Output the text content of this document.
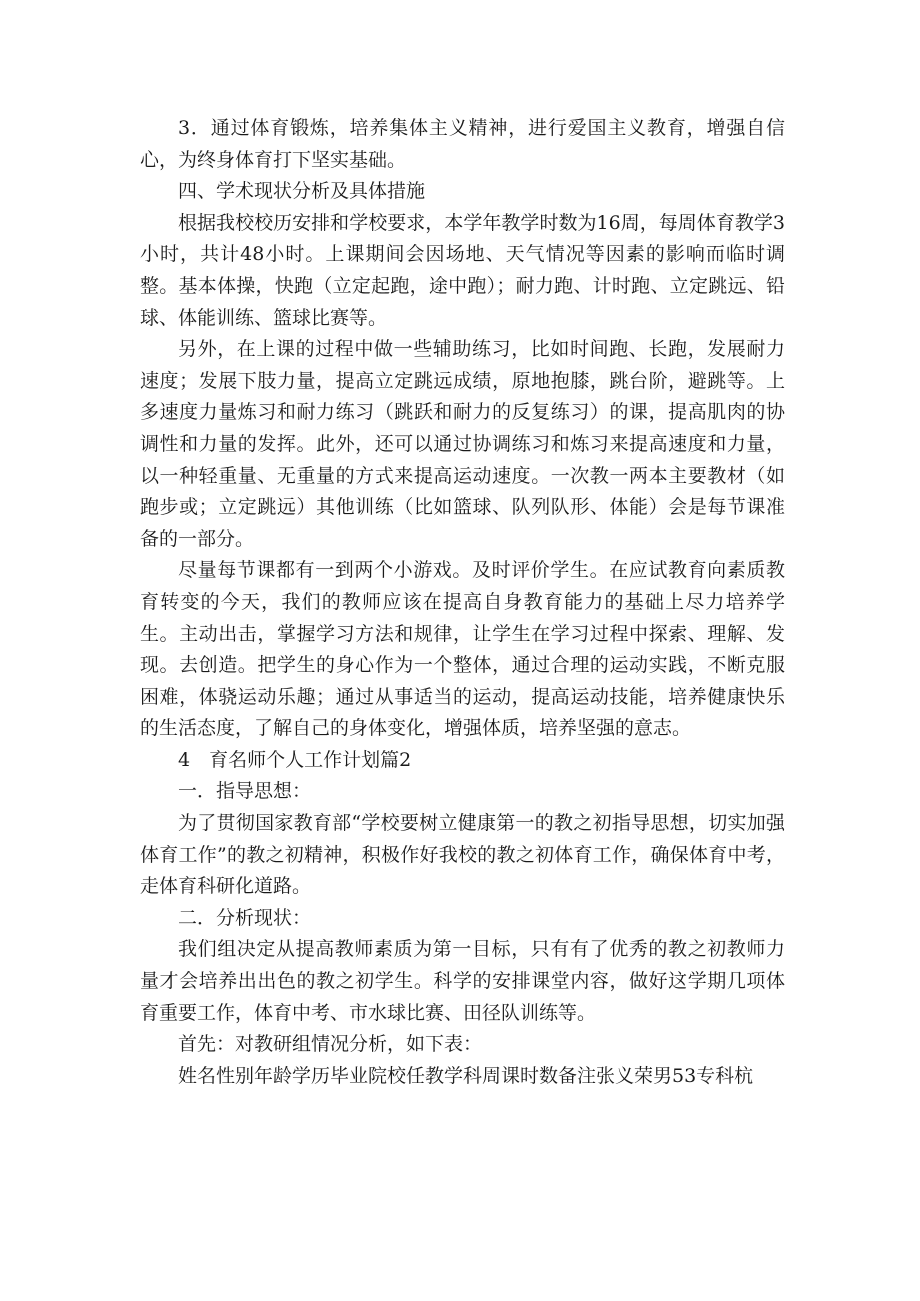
3．通过体育锻炼，培养集体主义精神，进行爱国主义教育，增强自信心，为终身体育打下坚实基础。

四、学术现状分析及具体措施

根据我校校历安排和学校要求，本学年教学时数为16周，每周体育教学3小时，共计48小时。上课期间会因场地、天气情况等因素的影响而临时调整。基本体操，快跑（立定起跑，途中跑）；耐力跑、计时跑、立定跳远、铅球、体能训练、篮球比赛等。

另外，在上课的过程中做一些辅助练习，比如时间跑、长跑，发展耐力速度；发展下肢力量，提高立定跳远成绩，原地抱膝，跳台阶，避跳等。上多速度力量炼习和耐力练习（跳跃和耐力的反复练习）的课，提高肌肉的协调性和力量的发挥。此外，还可以通过协调练习和炼习来提高速度和力量，以一种轻重量、无重量的方式来提高运动速度。一次教一两本主要教材（如跑步或；立定跳远）其他训练（比如篮球、队列队形、体能）会是每节课准备的一部分。

尽量每节课都有一到两个小游戏。及时评价学生。在应试教育向素质教育转变的今天，我们的教师应该在提高自身教育能力的基础上尽力培养学生。主动出击，掌握学习方法和规律，让学生在学习过程中探索、理解、发现。去创造。把学生的身心作为一个整体，通过合理的运动实践，不断克服困难，体骁运动乐趣；通过从事适当的运动，提高运动技能，培养健康快乐的生活态度，了解自己的身体变化，增强体质，培养坚强的意志。

4　育名师个人工作计划篇2

一．指导思想：

为了贯彻国家教育部“学校要树立健康第一的教之初指导思想，切实加强体育工作”的教之初精神，积极作好我校的教之初体育工作，确保体育中考，走体育科研化道路。

二．分析现状：

我们组决定从提高教师素质为第一目标，只有有了优秀的教之初教师力量才会培养出出色的教之初学生。科学的安排课堂内容，做好这学期几项体育重要工作，体育中考、市水球比赛、田径队训练等。

首先：对教研组情况分析，如下表：

姓名性别年龄学历毕业院校任教学科周课时数备注张义荣男53专科杭
